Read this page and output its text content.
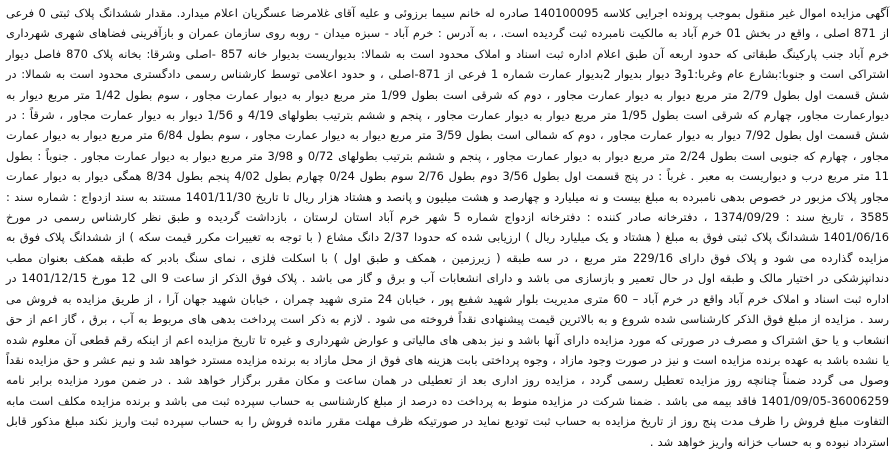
آگهی مزایده اموال غیر منقول بموجب پرونده اجرایی کلاسه 140100095 صادره له خانم سیما برزوئی و علیه آقای غلامرضا عسگریان اعلام میدارد. مقدار ششدانگ پلاک ثبتی 0 فرعی از 871 اصلی ، واقع در بخش 01 خرم آباد به مالکیت نامبرده ثبت گردیده است. ، به آدرس : خرم آباد - سبزه میدان - روبه روی سازمان عمران و بازآفرینی فضاهای شهری شهرداری خرم آباد جنب پارکینگ طبقاتی که حدود اربعه آن طبق اعلام اداره ثبت اسناد و املاک محدود است به شمالا: بدیواریست بدیوار خانه 857 -اصلی وشرقا: بخانه پلاک 870 فاصل دیوار اشتراکی است و جنوبا:بشارع عام وغربا:1و3 دیوار بدیوار 2بدیوار عمارت شماره 1 فرعی از 871-اصلی ، و حدود اعلامی توسط کارشناس رسمی دادگستری محدود است به شمالا: در شش قسمت اول بطول 2/79 متر مربع دیوار به دیوار عمارت مجاور ، دوم که شرقی است بطول 1/99 متر مربع دیوار به دیوار عمارت مجاور ، سوم بطول 1/42 متر مربع دیوار به دیوارعمارت مجاور، چهارم که شرقی است بطول 1/95 متر مربع دیوار به دیوار عمارت مجاور ، پنجم و ششم بترتیب بطولهای 4/19 و 1/56 دیوار به دیوار عمارت مجاور ، شرقاً : در شش قسمت اول بطول 7/92 دیوار به دیوار عمارت مجاور ، دوم که شمالی است بطول 3/59 متر مربع دیوار به دیوار عمارت مجاور ، سوم بطول 6/84 متر مربع دیوار به دیوار عمارت مجاور ، چهارم که جنوبی است بطول 2/24 متر مربع دیوار به دیوار عمارت مجاور ، پنجم و ششم بترتیب بطولهای 0/72 و 3/98 متر مربع دیوار به دیوار عمارت مجاور . جنوباً : بطول 11 متر مربع درب و دیواریست به معبر . غرباً : در پنج قسمت اول بطول 3/56 دوم بطول 2/76 سوم بطول 0/24 چهارم بطول 4/02 پنجم بطول 8/34 همگی دیوار به دیوار عمارت مجاور پلاک مزبور در خصوص بدهی نامبرده به مبلغ بیست و نه میلیارد و چهارصد و هشت میلیون و پانصد و هشتاد هزار ریال تا تاریخ 1401/11/30 مستند به سند ازدواج : شماره سند : 3585 ، تاریخ سند : 1374/09/29 ، دفترخانه صادر کننده : دفترخانه ازدواج شماره 5 شهر خرم آباد استان لرستان ، بازداشت گردیده و طبق نظر کارشناس رسمی در مورخ 1401/06/16 ششدانگ پلاک ثبتی فوق به مبلغ ( هشتاد و یک میلیارد ریال ) ارزیابی شده که حدودا 2/37 دانگ مشاع ( با توجه به تغییرات مکرر قیمت سکه ) از ششدانگ پلاک فوق به مزایده گذارده می شود و پلاک فوق دارای 229/16 متر مربع ، در سه طبقه ( زیرزمین ، همکف و طبق اول ) با اسکلت فلزی ، نمای سنگ بادبر که طبقه همکف بعنوان مطب دندانپزشکی در اختیار مالک و طبقه اول در حال تعمیر و بازسازی می باشد و دارای انشعابات آب و برق و گاز می باشد . پلاک فوق الذکر از ساعت 9 الی 12 مورخ 1401/12/15 در اداره ثبت اسناد و املاک خرم آباد واقع در خرم آباد – 60 متری مدیریت بلوار شهید شفیع پور ، خیابان 24 متری شهید چمران ، خیابان شهید جهان آرا ، از طریق مزایده به فروش می رسد . مزایده از مبلغ فوق الذکر کارشناسی شده شروع و به بالاترین قیمت پیشنهادی نقداً فروخته می شود . لازم به ذکر است پرداخت بدهی های مربوط به آب ، برق ، گاز اعم از حق انشعاب و یا حق اشتراک و مصرف در صورتی که مورد مزایده دارای آنها باشد و نیز بدهی های مالیاتی و عوارض شهرداری و غیره تا تاریخ مزایده اعم از اینکه رقم قطعی آن معلوم شده یا نشده باشد به عهده برنده مزایده است و نیز در صورت وجود مازاد ، وجوه پرداختی بابت هزینه های فوق از محل مازاد به برنده مزایده مسترد خواهد شد و نیم عشر و حق مزایده نقداً وصول می گردد ضمناً چنانچه روز مزایده تعطیل رسمی گردد ، مزایده روز اداری بعد از تعطیلی در همان ساعت و مکان مقرر برگزار خواهد شد . در ضمن مورد مزایده برابر نامه 36006259-1401/09/05 فاقد بیمه می باشد . ضمنا شرکت در مزایده منوط به پرداخت ده درصد از مبلغ کارشناسی به حساب سپرده ثبت می باشد و برنده مزایده مکلف است مابه التفاوت مبلغ فروش را ظرف مدت پنج روز از تاریخ مزایده به حساب ثبت تودیع نماید در صورتیکه ظرف مهلت مقرر مانده فروش را به حساب سپرده ثبت واریز نکند مبلغ مذکور قابل استرداد نبوده و به حساب خزانه واریز خواهد شد .
